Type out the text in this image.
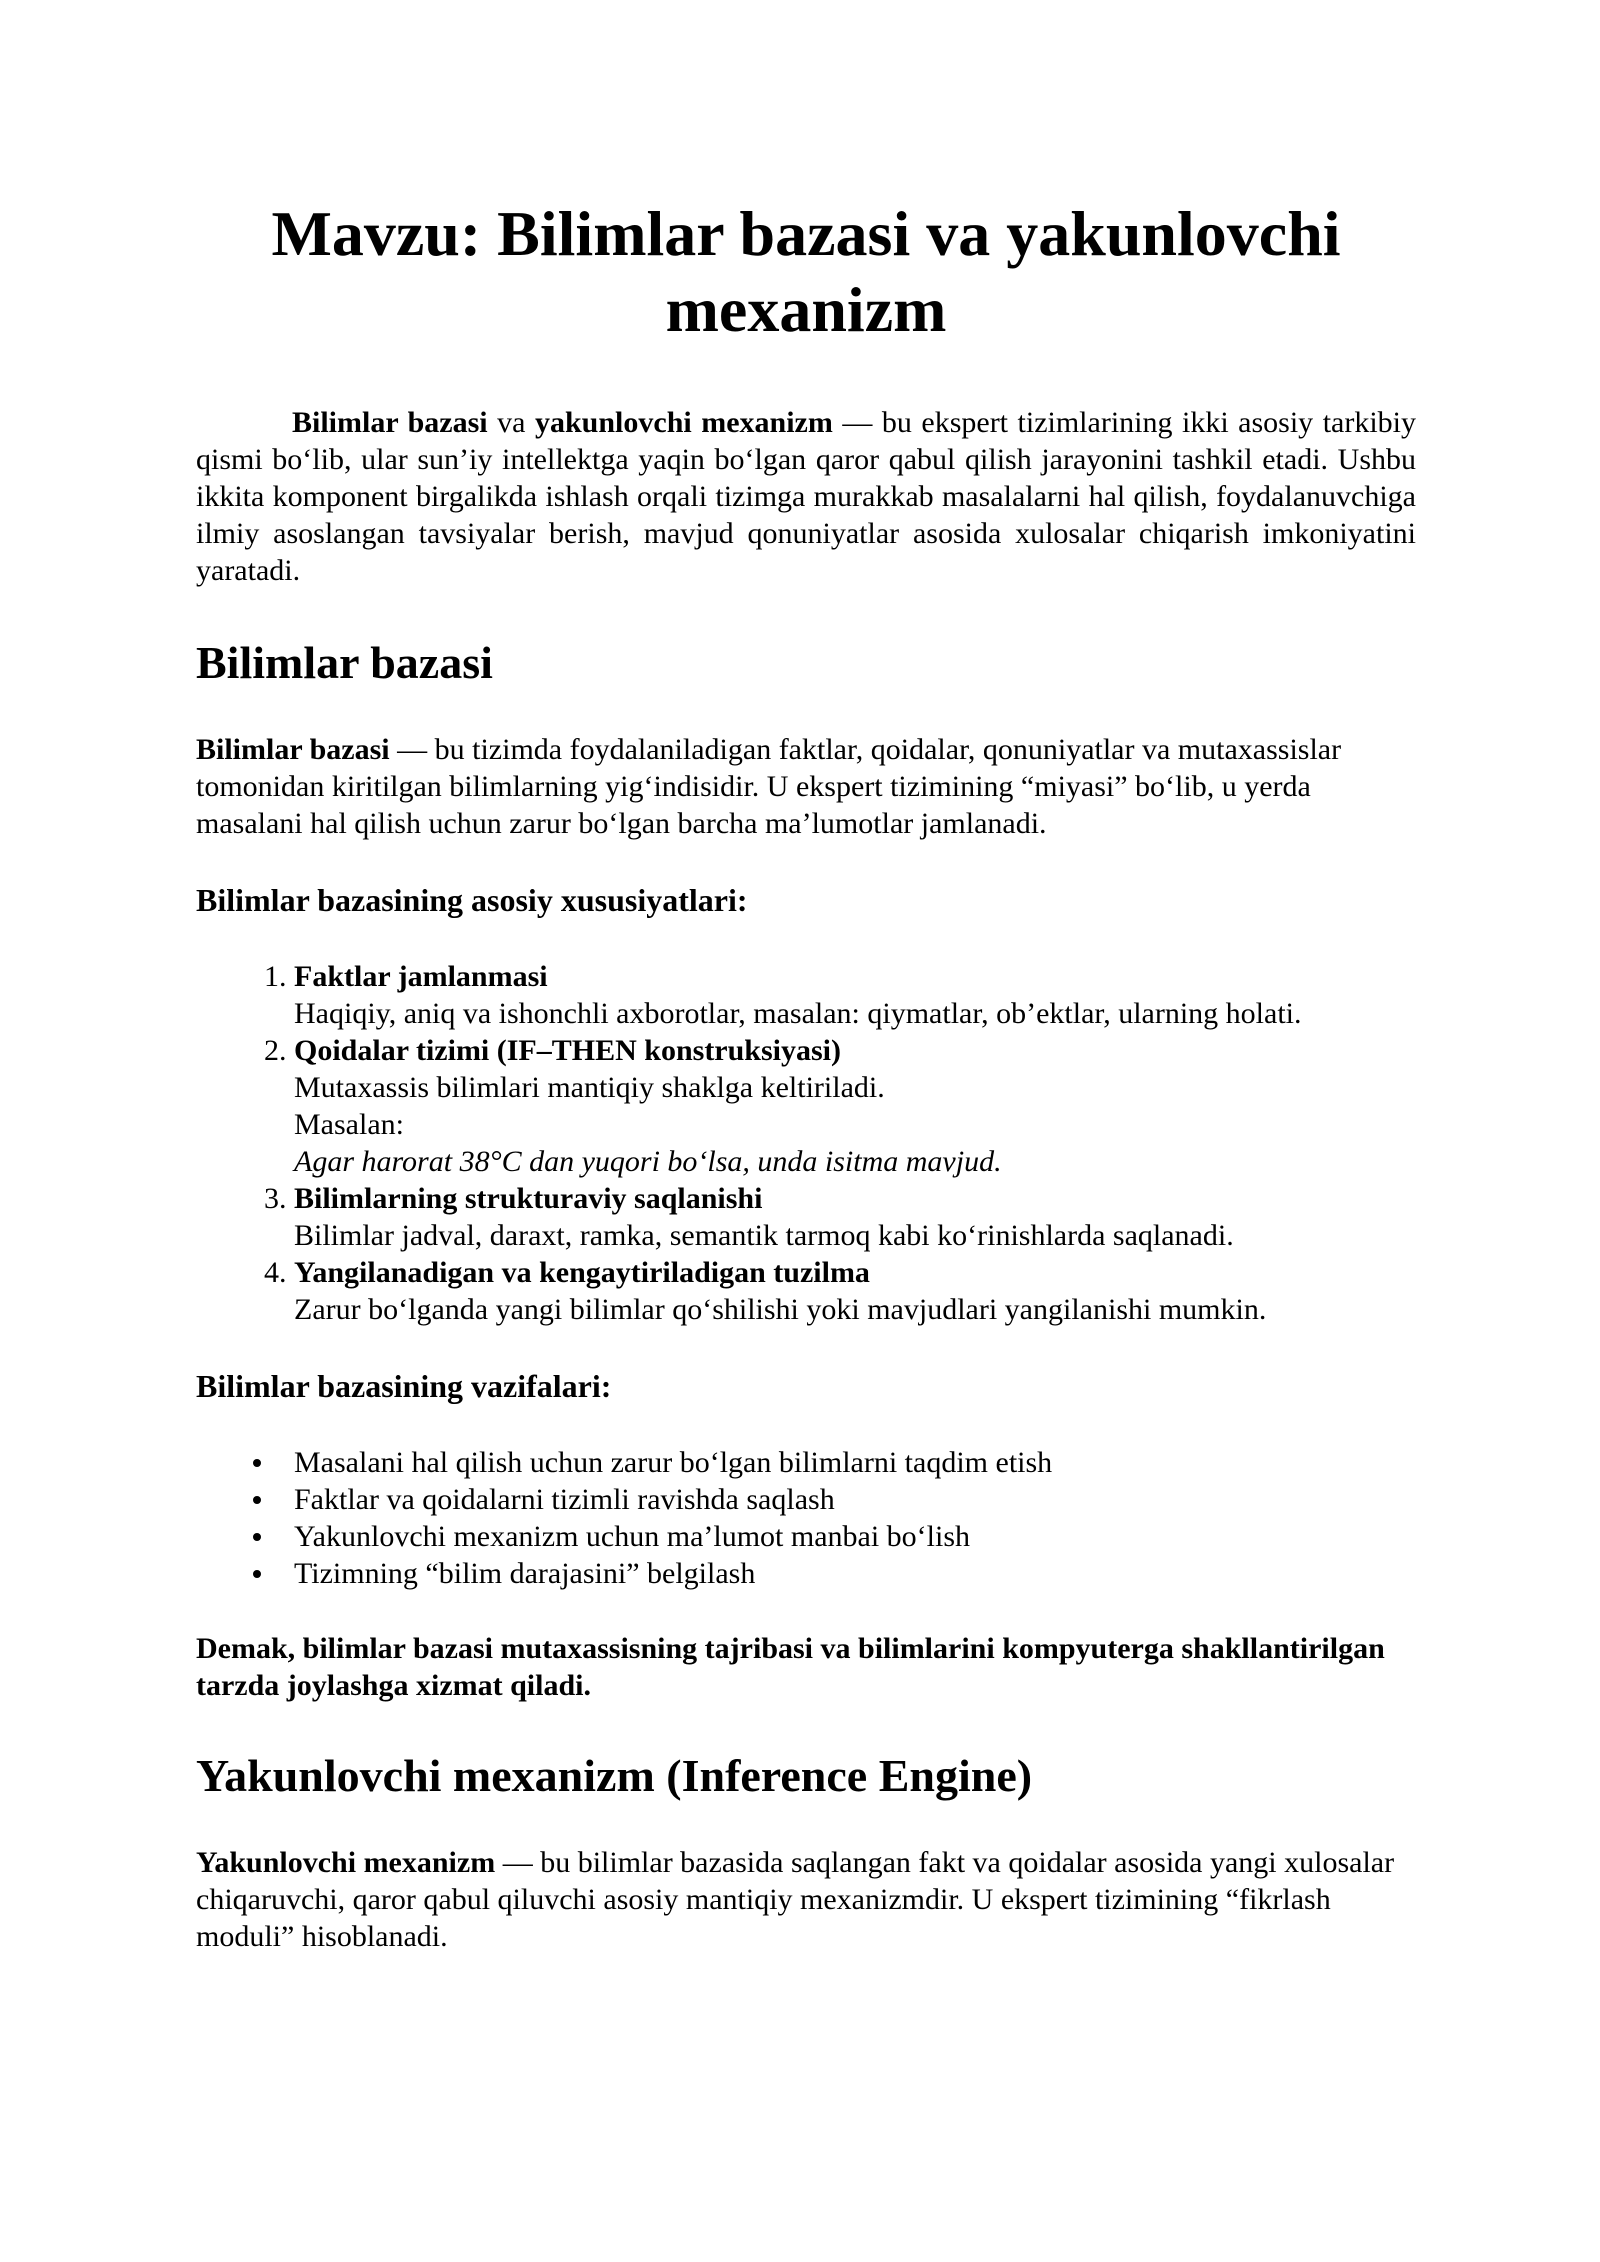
Mavzu: Bilimlar bazasi va yakunlovchi mexanizm

Bilimlar bazasi va yakunlovchi mexanizm — bu ekspert tizimlarining ikki asosiy tarkibiy qismi bo‘lib, ular sun’iy intellektga yaqin bo‘lgan qaror qabul qilish jarayonini tashkil etadi. Ushbu ikkita komponent birgalikda ishlash orqali tizimga murakkab masalalarni hal qilish, foydalanuvchiga ilmiy asoslangan tavsiyalar berish, mavjud qonuniyatlar asosida xulosalar chiqarish imkoniyatini yaratadi.

Bilimlar bazasi

Bilimlar bazasi — bu tizimda foydalaniladigan faktlar, qoidalar, qonuniyatlar va mutaxassislar tomonidan kiritilgan bilimlarning yig‘indisidir. U ekspert tizimining “miyasi” bo‘lib, u yerda masalani hal qilish uchun zarur bo‘lgan barcha ma’lumotlar jamlanadi.

Bilimlar bazasining asosiy xususiyatlari:
1. Faktlar jamlanmasi
Haqiqiy, aniq va ishonchli axborotlar, masalan: qiymatlar, ob’ektlar, ularning holati.
2. Qoidalar tizimi (IF–THEN konstruksiyasi)
Mutaxassis bilimlari mantiqiy shaklga keltiriladi.
Masalan:
Agar harorat 38°C dan yuqori bo‘lsa, unda isitma mavjud.
3. Bilimlarning strukturaviy saqlanishi
Bilimlar jadval, daraxt, ramka, semantik tarmoq kabi ko‘rinishlarda saqlanadi.
4. Yangilanadigan va kengaytiriladigan tuzilma
Zarur bo‘lganda yangi bilimlar qo‘shilishi yoki mavjudlari yangilanishi mumkin.
Bilimlar bazasining vazifalari:
Masalani hal qilish uchun zarur bo‘lgan bilimlarni taqdim etish
Faktlar va qoidalarni tizimli ravishda saqlash
Yakunlovchi mexanizm uchun ma’lumot manbai bo‘lish
Tizimning “bilim darajasini” belgilash

Demak, bilimlar bazasi mutaxassisning tajribasi va bilimlarini kompyuterga shakllantirilgan tarzda joylashga xizmat qiladi.

Yakunlovchi mexanizm (Inference Engine)

Yakunlovchi mexanizm — bu bilimlar bazasida saqlangan fakt va qoidalar asosida yangi xulosalar chiqaruvchi, qaror qabul qiluvchi asosiy mantiqiy mexanizmdir. U ekspert tizimining “fikrlash moduli” hisoblanadi.
